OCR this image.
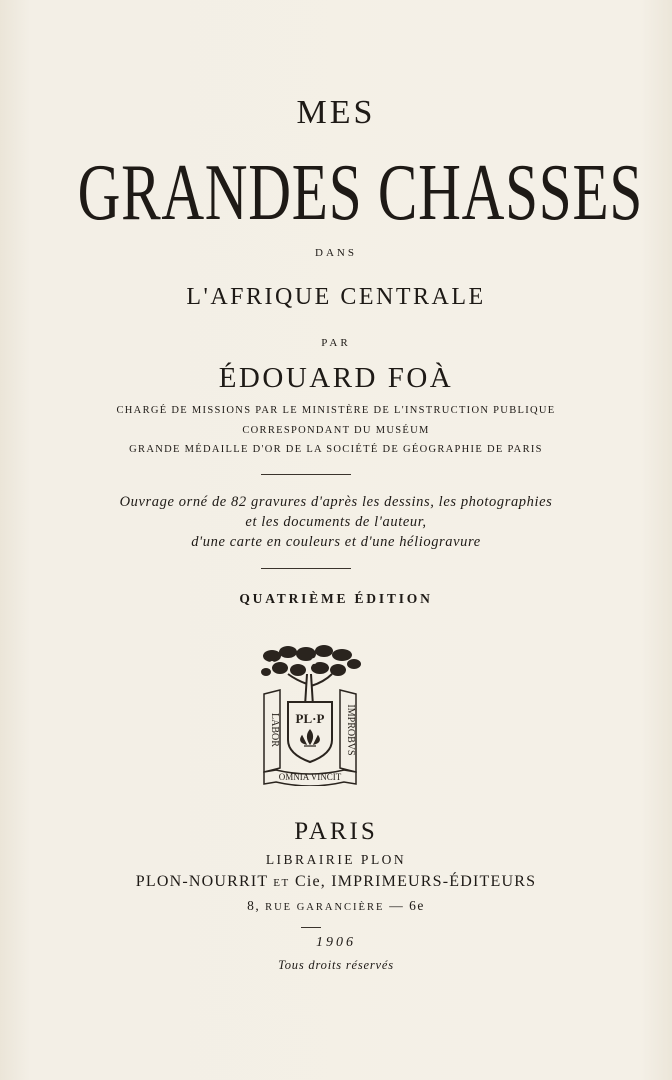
MES
GRANDES CHASSES
DANS
L'AFRIQUE CENTRALE
PAR
ÉDOUARD FOÀ
CHARGÉ DE MISSIONS PAR LE MINISTÈRE DE L'INSTRUCTION PUBLIQUE
CORRESPONDANT DU MUSÉUM
GRANDE MÉDAILLE D'OR DE LA SOCIÉTÉ DE GÉOGRAPHIE DE PARIS
Ouvrage orné de 82 gravures d'après les dessins, les photographies
et les documents de l'auteur,
d'une carte en couleurs et d'une héliogravure
QUATRIÈME ÉDITION
PL·P
LABOR	IMPROBVS
OMNIA VINCIT
PARIS
LIBRAIRIE PLON
PLON-NOURRIT ET Cie, IMPRIMEURS-ÉDITEURS
8, RUE GARANCIÈRE — 6e
1906
Tous droits réservés
